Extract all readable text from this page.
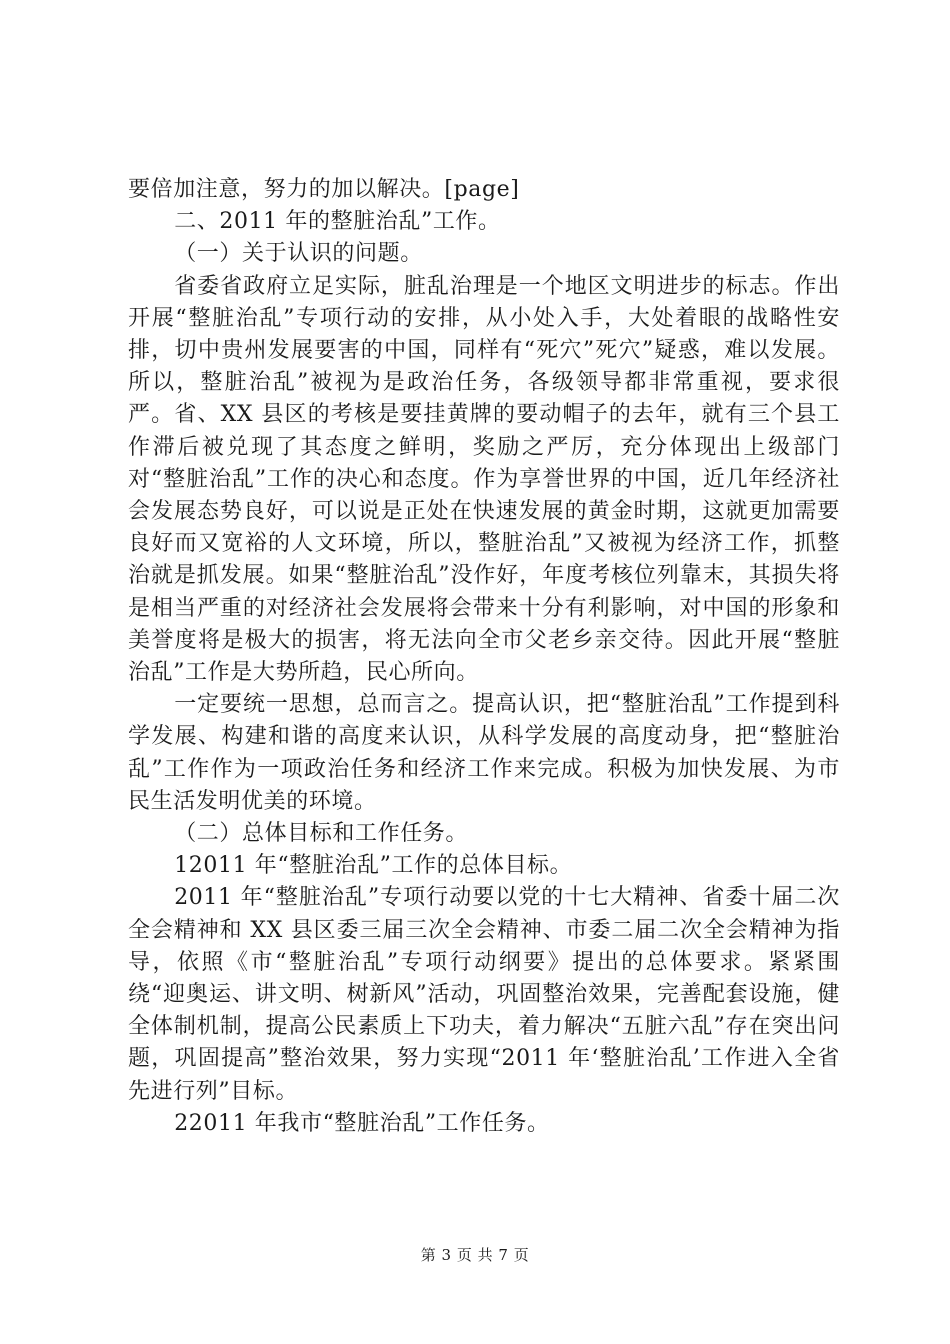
要倍加注意，努力的加以解决。[page]

二、2011 年的整脏治乱”工作。

（一）关于认识的问题。

省委省政府立足实际，脏乱治理是一个地区文明进步的标志。作出开展“整脏治乱”专项行动的安排，从小处入手，大处着眼的战略性安排，切中贵州发展要害的中国，同样有“死穴”死穴”疑惑，难以发展。所以，整脏治乱”被视为是政治任务，各级领导都非常重视，要求很严。省、XX 县区的考核是要挂黄牌的要动帽子的去年，就有三个县工作滞后被兑现了其态度之鲜明，奖励之严厉，充分体现出上级部门对“整脏治乱”工作的决心和态度。作为享誉世界的中国，近几年经济社会发展态势良好，可以说是正处在快速发展的黄金时期，这就更加需要良好而又宽裕的人文环境，所以，整脏治乱”又被视为经济工作，抓整治就是抓发展。如果“整脏治乱”没作好，年度考核位列靠末，其损失将是相当严重的对经济社会发展将会带来十分有利影响，对中国的形象和美誉度将是极大的损害，将无法向全市父老乡亲交待。因此开展“整脏治乱”工作是大势所趋，民心所向。

一定要统一思想，总而言之。提高认识，把“整脏治乱”工作提到科学发展、构建和谐的高度来认识，从科学发展的高度动身，把“整脏治乱”工作作为一项政治任务和经济工作来完成。积极为加快发展、为市民生活发明优美的环境。

（二）总体目标和工作任务。

12011 年“整脏治乱”工作的总体目标。

2011 年“整脏治乱”专项行动要以党的十七大精神、省委十届二次全会精神和 XX 县区委三届三次全会精神、市委二届二次全会精神为指导，依照《市“整脏治乱”专项行动纲要》提出的总体要求。紧紧围绕“迎奥运、讲文明、树新风”活动，巩固整治效果，完善配套设施，健全体制机制，提高公民素质上下功夫，着力解决“五脏六乱”存在突出问题，巩固提高”整治效果，努力实现“2011 年‘整脏治乱’工作进入全省先进行列”目标。

22011 年我市“整脏治乱”工作任务。

第 3 页 共 7 页
